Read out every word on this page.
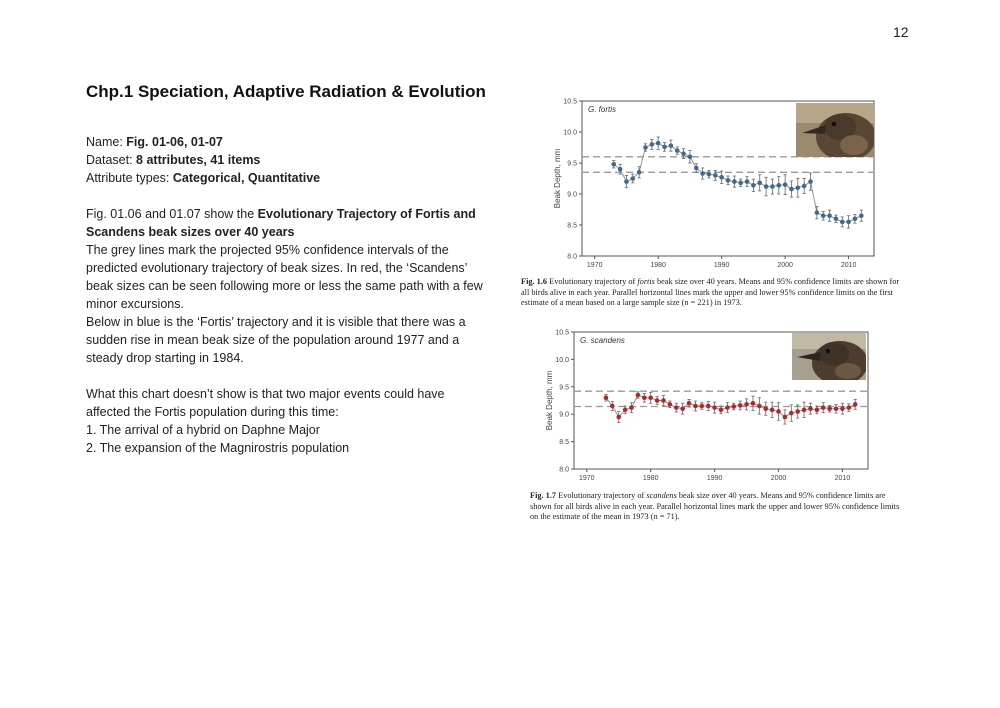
12
Chp.1 Speciation, Adaptive Radiation & Evolution
Name: Fig. 01-06, 01-07
Dataset: 8 attributes, 41 items
Attribute types: Categorical, Quantitative

Fig. 01.06 and 01.07 show the Evolutionary Trajectory of Fortis and Scandens beak sizes over 40 years

The grey lines mark the projected 95% confidence intervals of the predicted evolutionary trajectory of beak sizes. In red, the ‘Scandens’ beak sizes can be seen following more or less the same path with a few minor excursions.

Below in blue is the ‘Fortis’ trajectory and it is visible that there was a sudden rise in mean beak size of the population around 1977 and a steady drop starting in 1984.

What this chart doesn’t show is that two major events could have affected the Fortis population during this time:

1. The arrival of a hybrid on Daphne Major

2. The expansion of the Magnirostris population

8.0
8.5
9.0
9.5
10.0
10.5
1970	1980	1990	2000	2010
Beak Depth, mm
G. fortis
Fig. 1.6 Evolutionary trajectory of fortis beak size over 40 years. Means and 95% confidence limits are shown for all birds alive in each year. Parallel horizontal lines mark the upper and lower 95% confidence limits on the first estimate of a mean based on a large sample size (n = 221) in 1973.
8.0
8.5
9.0
9.5
10.0
10.5
1970	1980	1990	2000	2010
Beak Depth, mm
G. scandens
Fig. 1.7 Evolutionary trajectory of scandens beak size over 40 years. Means and 95% confidence limits are shown for all birds alive in each year. Parallel horizontal lines mark the upper and lower 95% confidence limits on the estimate of the mean in 1973 (n = 71).
